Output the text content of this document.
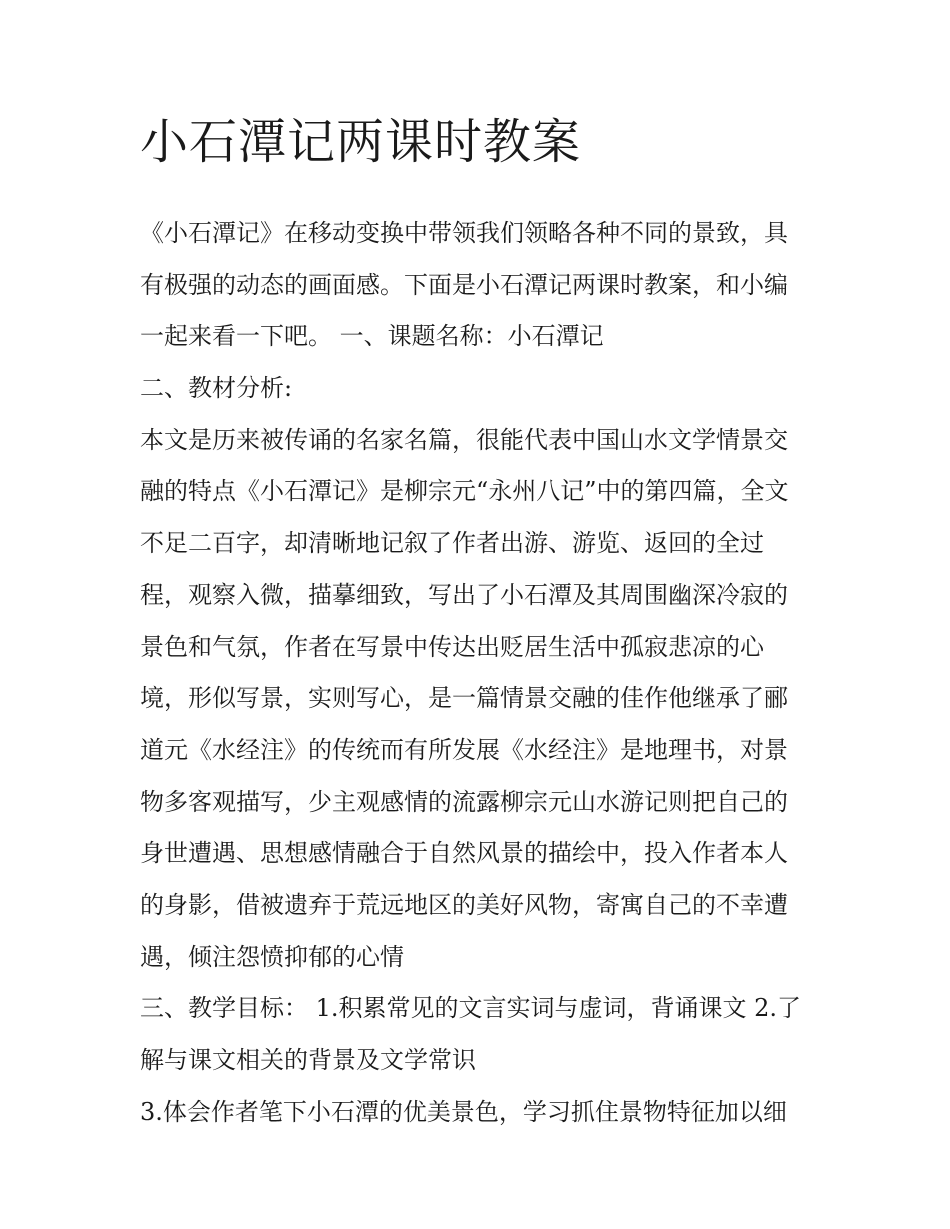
小石潭记两课时教案
《小石潭记》在移动变换中带领我们领略各种不同的景致，具
有极强的动态的画面感。下面是小石潭记两课时教案，和小编
一起来看一下吧。 一、课题名称：小石潭记
二、教材分析:
本文是历来被传诵的名家名篇，很能代表中国山水文学情景交
融的特点《小石潭记》是柳宗元“永州八记”中的第四篇，全文
不足二百字，却清晰地记叙了作者出游、游览、返回的全过
程，观察入微，描摹细致，写出了小石潭及其周围幽深冷寂的
景色和气氛，作者在写景中传达出贬居生活中孤寂悲凉的心
境，形似写景，实则写心，是一篇情景交融的佳作他继承了郦
道元《水经注》的传统而有所发展《水经注》是地理书，对景
物多客观描写，少主观感情的流露柳宗元山水游记则把自己的
身世遭遇、思想感情融合于自然风景的描绘中，投入作者本人
的身影，借被遗弃于荒远地区的美好风物，寄寓自己的不幸遭
遇，倾注怨愤抑郁的心情
三、教学目标： 1.积累常见的文言实词与虚词，背诵课文 2.了
解与课文相关的背景及文学常识
3.体会作者笔下小石潭的优美景色，学习抓住景物特征加以细
